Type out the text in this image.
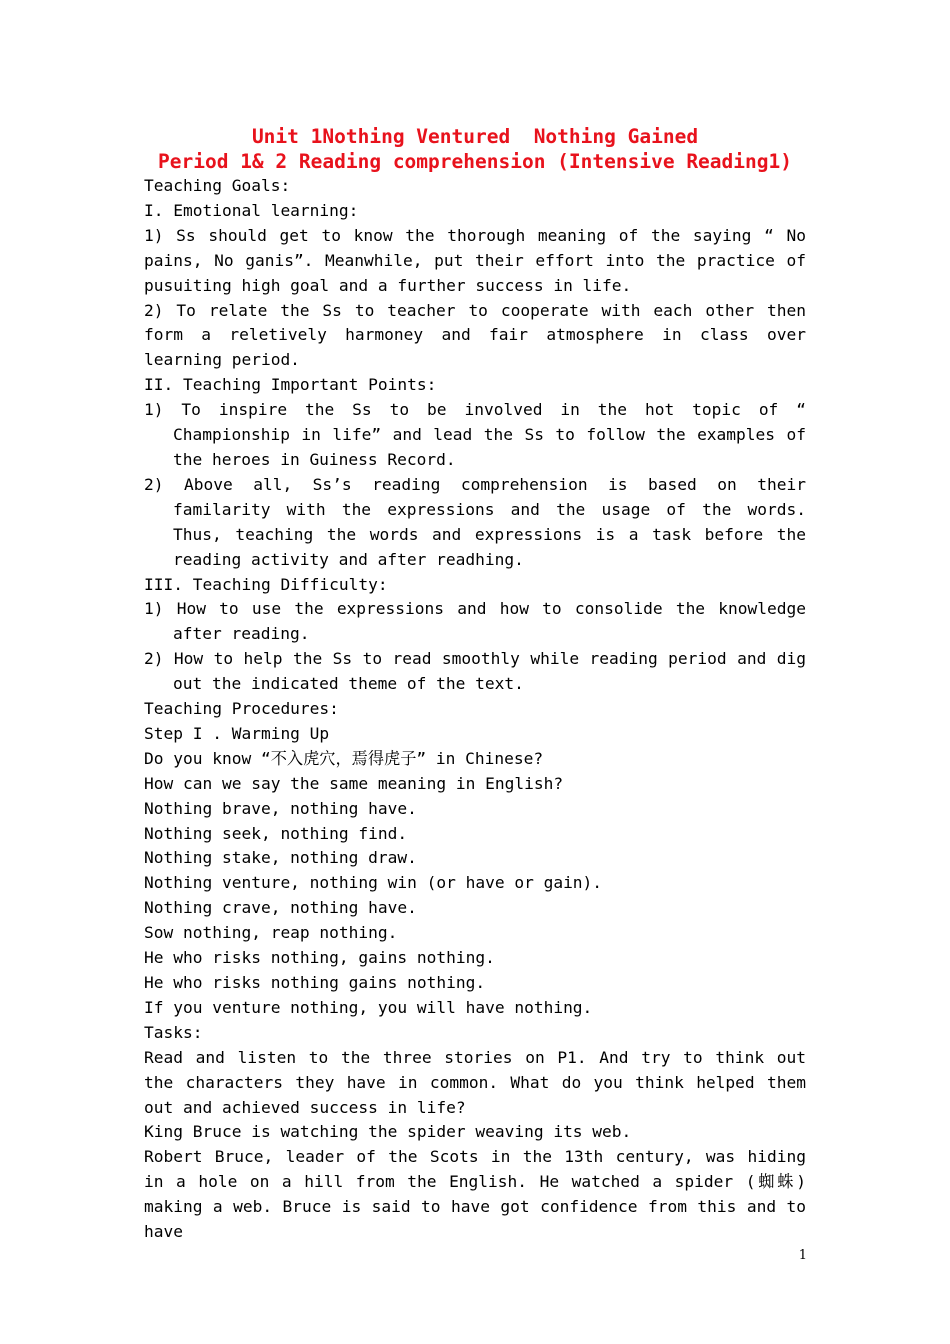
Unit 1Nothing Ventured  Nothing Gained
Period 1& 2 Reading comprehension (Intensive Reading1)
Teaching Goals:
I. Emotional learning:
1) Ss should get to know the thorough meaning of the saying “ No pains, No ganis”. Meanwhile, put their effort into the practice of pusuiting high goal and a further success in life.
2) To relate the Ss to teacher to cooperate with each other then form a reletively harmoney and fair atmosphere in class over learning period.
II. Teaching Important Points:
1) To inspire the Ss to be involved in the hot topic of “ Championship in life” and lead the Ss to follow the examples of the heroes in Guiness Record.
2) Above all, Ss’s reading comprehension is based on their familarity with the expressions and the usage of the words. Thus, teaching the words and expressions is a task before the reading activity and after readhing.
III. Teaching Difficulty:
1) How to use the expressions and how to consolide the knowledge after reading.
2) How to help the Ss to read smoothly while reading period and dig out the indicated theme of the text.
Teaching Procedures:
Step I . Warming Up
Do you know “不入虎穴，焉得虎子” in Chinese?
How can we say the same meaning in English?
Nothing brave, nothing have.
Nothing seek, nothing find.
Nothing stake, nothing draw.
Nothing venture, nothing win (or have or gain).
Nothing crave, nothing have.
Sow nothing, reap nothing.
He who risks nothing, gains nothing.
He who risks nothing gains nothing.
If you venture nothing, you will have nothing.
Tasks:
Read and listen to the three stories on P1. And try to think out the characters they have in common. What do you think helped them out and achieved success in life?
King Bruce is watching the spider weaving its web.
Robert Bruce, leader of the Scots in the 13th century, was hiding in a hole on a hill from the English. He watched a spider (蜘蛛) making a web. Bruce is said to have got confidence from this and to have
1
